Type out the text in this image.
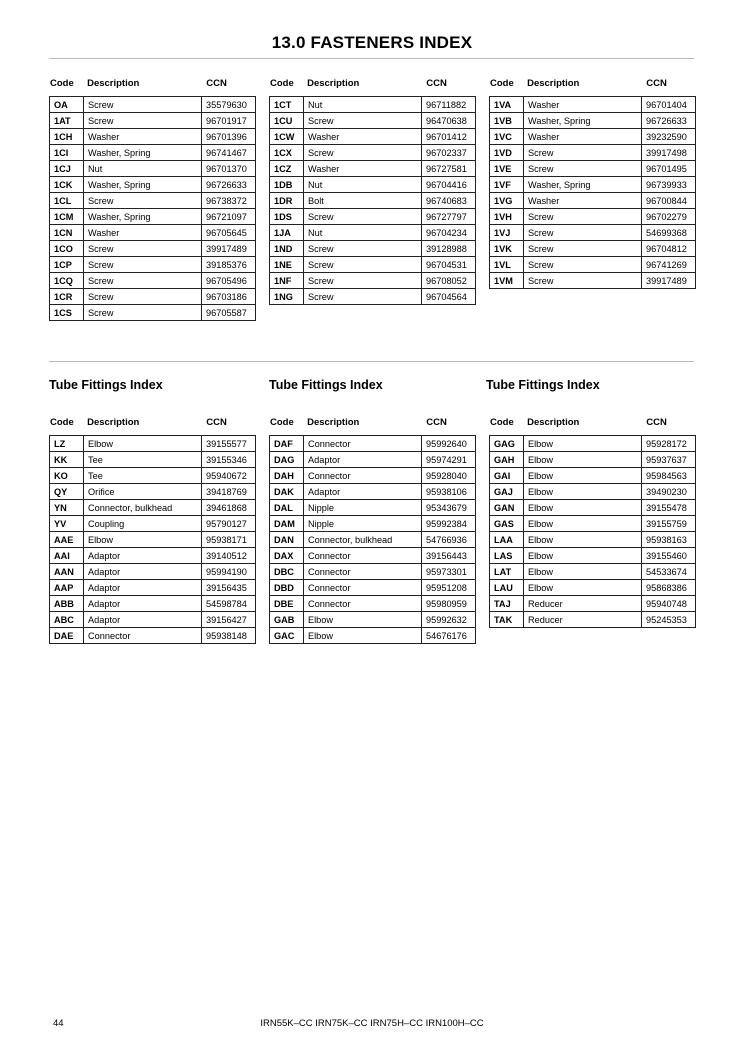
13.0 FASTENERS INDEX
Code	Description	CCN
OA	Screw	35579630
1AT	Screw	96701917
1CH	Washer	96701396
1CI	Washer, Spring	96741467
1CJ	Nut	96701370
1CK	Washer, Spring	96726633
1CL	Screw	96738372
1CM	Washer, Spring	96721097
1CN	Washer	96705645
1CO	Screw	39917489
1CP	Screw	39185376
1CQ	Screw	96705496
1CR	Screw	96703186
1CS	Screw	96705587
Code	Description	CCN
1CT	Nut	96711882
1CU	Screw	96470638
1CW	Washer	96701412
1CX	Screw	96702337
1CZ	Washer	96727581
1DB	Nut	96704416
1DR	Bolt	96740683
1DS	Screw	96727797
1JA	Nut	96704234
1ND	Screw	39128988
1NE	Screw	96704531
1NF	Screw	96708052
1NG	Screw	96704564
Code	Description	CCN
1VA	Washer	96701404
1VB	Washer, Spring	96726633
1VC	Washer	39232590
1VD	Screw	39917498
1VE	Screw	96701495
1VF	Washer, Spring	96739933
1VG	Washer	96700844
1VH	Screw	96702279
1VJ	Screw	54699368
1VK	Screw	96704812
1VL	Screw	96741269
1VM	Screw	39917489
Tube Fittings Index	Tube Fittings Index	Tube Fittings Index
Code	Description	CCN
LZ	Elbow	39155577
KK	Tee	39155346
KO	Tee	95940672
QY	Orifice	39418769
YN	Connector, bulkhead	39461868
YV	Coupling	95790127
AAE	Elbow	95938171
AAI	Adaptor	39140512
AAN	Adaptor	95994190
AAP	Adaptor	39156435
ABB	Adaptor	54598784
ABC	Adaptor	39156427
DAE	Connector	95938148
Code	Description	CCN
DAF	Connector	95992640
DAG	Adaptor	95974291
DAH	Connector	95928040
DAK	Adaptor	95938106
DAL	Nipple	95343679
DAM	Nipple	95992384
DAN	Connector, bulkhead	54766936
DAX	Connector	39156443
DBC	Connector	95973301
DBD	Connector	95951208
DBE	Connector	95980959
GAB	Elbow	95992632
GAC	Elbow	54676176
Code	Description	CCN
GAG	Elbow	95928172
GAH	Elbow	95937637
GAI	Elbow	95984563
GAJ	Elbow	39490230
GAN	Elbow	39155478
GAS	Elbow	39155759
LAA	Elbow	95938163
LAS	Elbow	39155460
LAT	Elbow	54533674
LAU	Elbow	95868386
TAJ	Reducer	95940748
TAK	Reducer	95245353
44	IRN55K–CC IRN75K–CC IRN75H–CC IRN100H–CC
